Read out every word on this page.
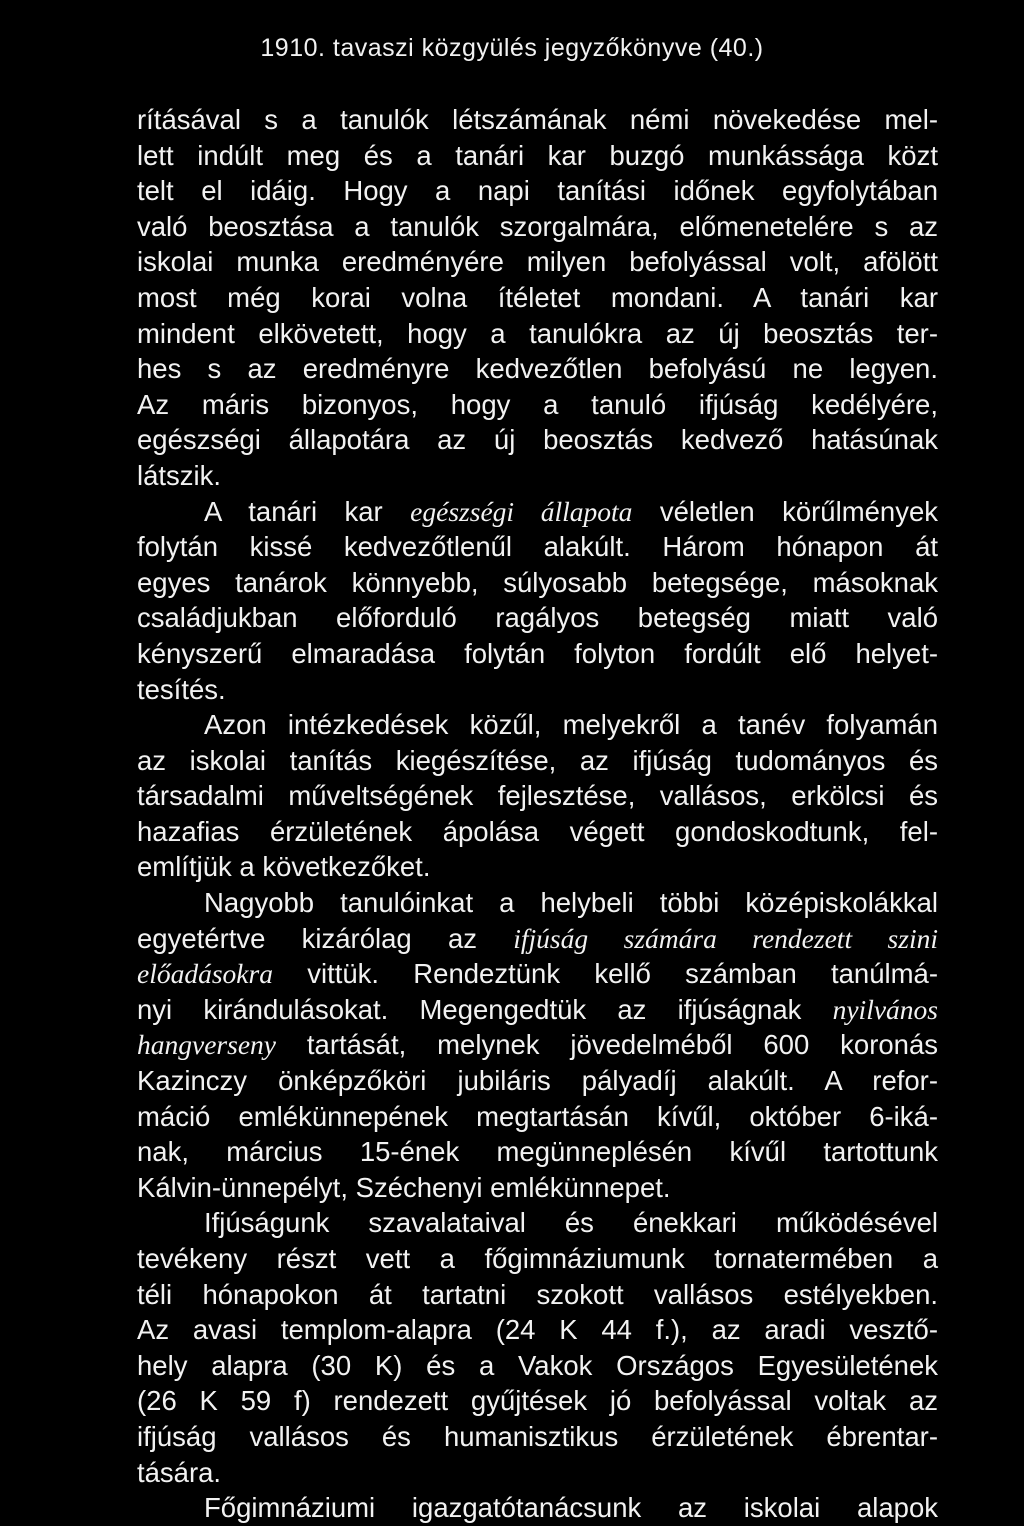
1910. tavaszi közgyülés jegyzőkönyve (40.)
rításával s a tanulók létszámának némi növekedése mel-
lett indúlt meg és a tanári kar buzgó munkássága közt
telt el idáig. Hogy a napi tanítási időnek egyfolytában
való beosztása a tanulók szorgalmára, előmenetelére s az
iskolai munka eredményére milyen befolyással volt, afölött
most még korai volna ítéletet mondani. A tanári kar
mindent elkövetett, hogy a tanulókra az új beosztás ter-
hes s az eredményre kedvezőtlen befolyású ne legyen.
Az máris bizonyos, hogy a tanuló ifjúság kedélyére,
egészségi állapotára az új beosztás kedvező hatásúnak
látszik.
A tanári kar egészségi állapota véletlen körűlmények
folytán kissé kedvezőtlenűl alakúlt. Három hónapon át
egyes tanárok könnyebb, súlyosabb betegsége, másoknak
családjukban előforduló ragályos betegség miatt való
kényszerű elmaradása folytán folyton fordúlt elő helyet-
tesítés.
Azon intézkedések közűl, melyekről a tanév folyamán
az iskolai tanítás kiegészítése, az ifjúság tudományos és
társadalmi műveltségének fejlesztése, vallásos, erkölcsi és
hazafias érzületének ápolása végett gondoskodtunk, fel-
említjük a következőket.
Nagyobb tanulóinkat a helybeli többi középiskolákkal
egyetértve kizárólag az ifjúság számára rendezett szini
előadásokra vittük. Rendeztünk kellő számban tanúlmá-
nyi kirándulásokat. Megengedtük az ifjúságnak nyilvános
hangverseny tartását, melynek jövedelméből 600 koronás
Kazinczy önképzőköri jubiláris pályadíj alakúlt. A refor-
máció emlékünnepének megtartásán kívűl, október 6-iká-
nak, március 15-ének megünneplésén kívűl tartottunk
Kálvin-ünnepélyt, Széchenyi emlékünnepet.
Ifjúságunk szavalataival és énekkari működésével
tevékeny részt vett a főgimnáziumunk tornatermében a
téli hónapokon át tartatni szokott vallásos estélyekben.
Az avasi templom-alapra (24 K 44 f.), az aradi vesztő-
hely alapra (30 K) és a Vakok Országos Egyesületének
(26 K 59 f) rendezett gyűjtések jó befolyással voltak az
ifjúság vallásos és humanisztikus érzületének ébrentar-
tására.
Főgimnáziumi igazgatótanácsunk az iskolai alapok
